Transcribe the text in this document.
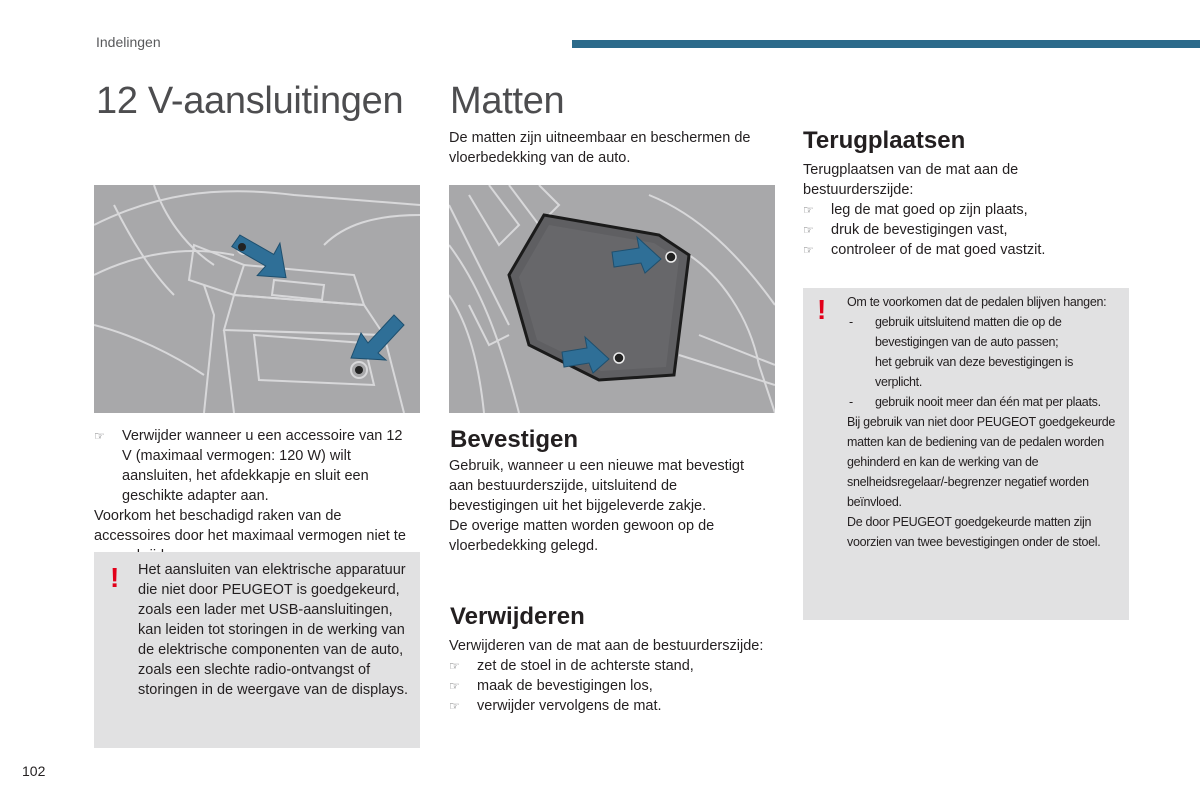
Indelingen
12 V-aansluitingen
☞ Verwijder wanneer u een accessoire van 12 V (maximaal vermogen: 120 W) wilt aansluiten, het afdekkapje en sluit een geschikte adapter aan.
Voorkom het beschadigd raken van de accessoires door het maximaal vermogen niet te
! Het aansluiten van elektrische apparatuur die niet door PEUGEOT is goedgekeurd, zoals een lader met USB-aansluitingen, kan leiden tot storingen in de werking van de elektrische componenten van de auto, zoals een slechte radio-ontvangst of storingen in de weergave van de displays.
Matten
De matten zijn uitneembaar en beschermen de vloerbedekking van de auto.
Bevestigen
Gebruik, wanneer u een nieuwe mat bevestigt aan bestuurderszijde, uitsluitend de bevestigingen uit het bijgeleverde zakje.
De overige matten worden gewoon op de vloerbedekking gelegd.
Verwijderen
Verwijderen van de mat aan de bestuurderszijde:
☞ zet de stoel in de achterste stand,
☞ maak de bevestigingen los,
☞ verwijder vervolgens de mat.
Terugplaatsen
Terugplaatsen van de mat aan de bestuurderszijde:
☞ leg de mat goed op zijn plaats,
☞ druk de bevestigingen vast,
☞ controleer of de mat goed vastzit.
! Om te voorkomen dat de pedalen blijven hangen:
- gebruik uitsluitend matten die op de bevestigingen van de auto passen;
het gebruik van deze bevestigingen is verplicht.
- gebruik nooit meer dan één mat per plaats.
Bij gebruik van niet door PEUGEOT goedgekeurde matten kan de bediening van de pedalen worden gehinderd en kan de werking van de snelheidsregelaar/-begrenzer negatief worden beïnvloed.
De door PEUGEOT goedgekeurde matten zijn voorzien van twee bevestigingen onder de stoel.
102
